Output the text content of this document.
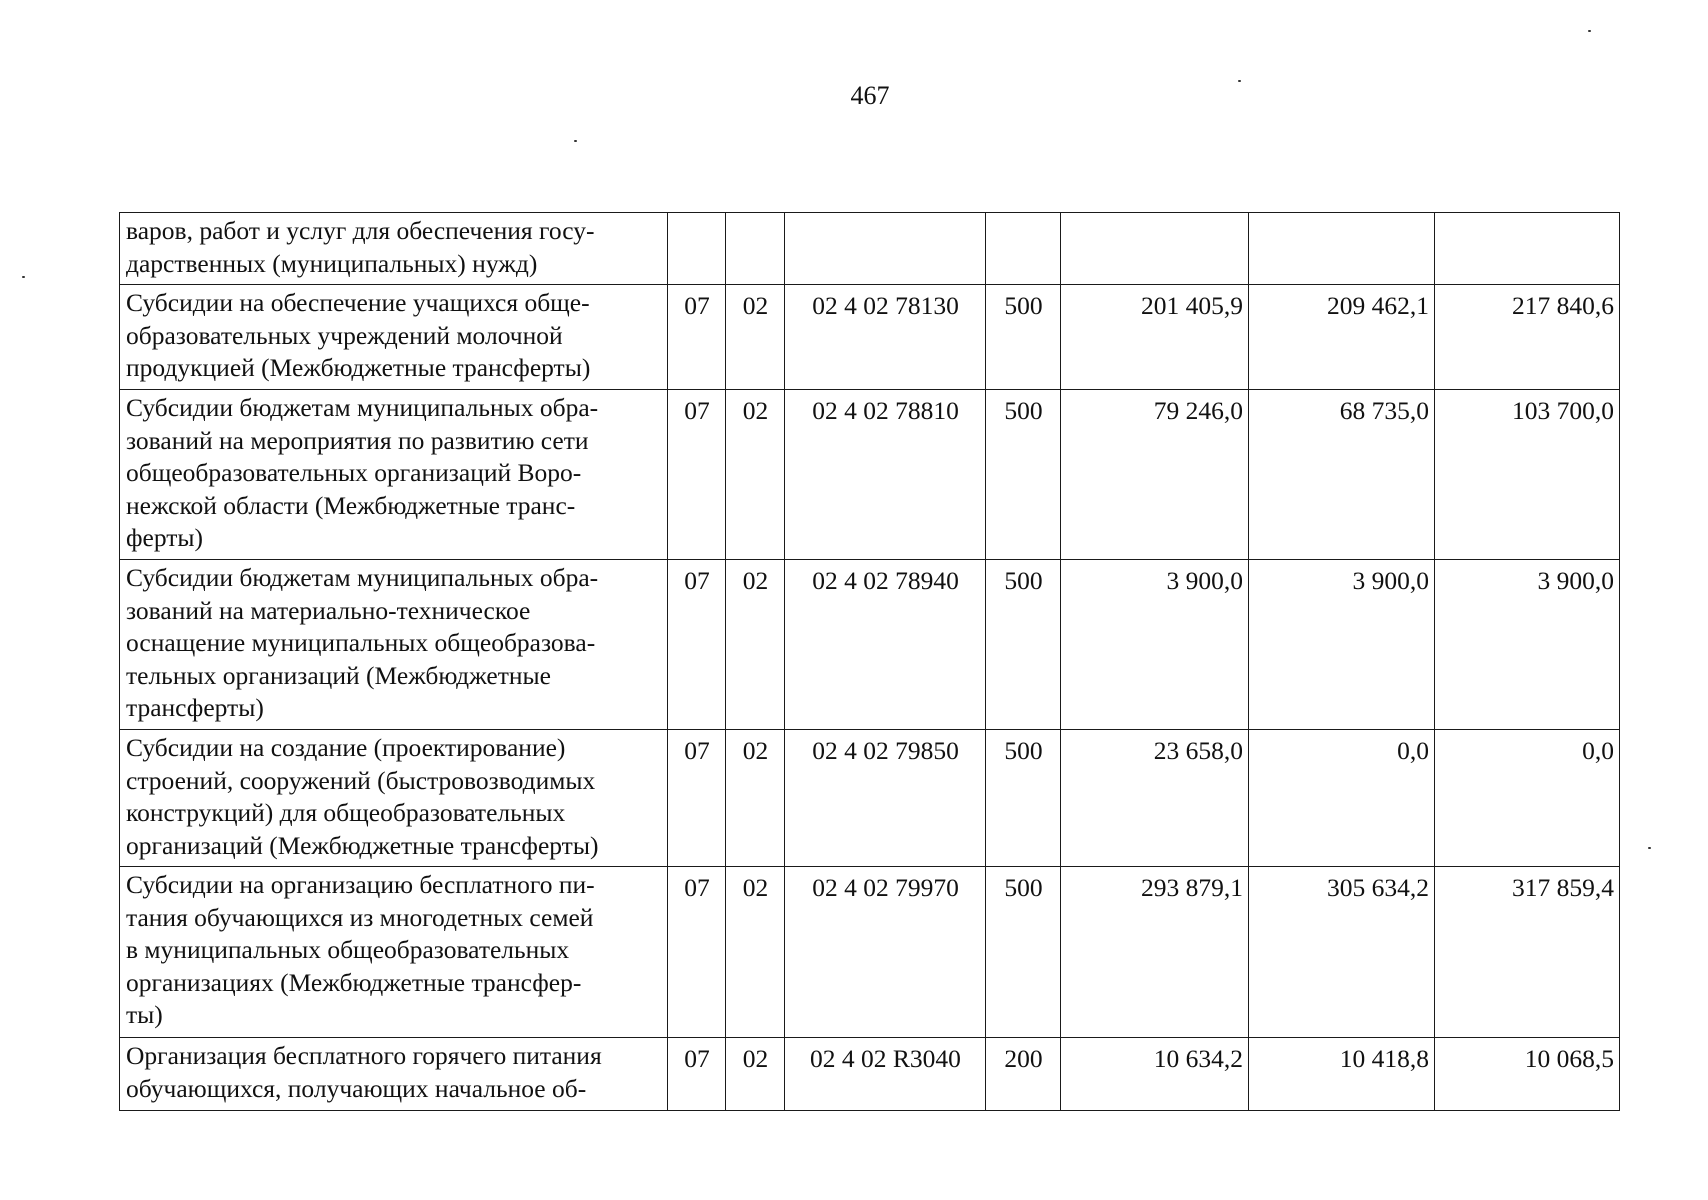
467
варов, работ и услуг для обеспечения госу-
дарственных (муниципальных) нужд)							

Субсидии на обеспечение учащихся обще-
образовательных учреждений молочной
продукцией (Межбюджетные трансферты)	07	02	02 4 02 78130	500	201 405,9	209 462,1	217 840,6

Субсидии бюджетам муниципальных обра-
зований на мероприятия по развитию сети
общеобразовательных организаций Воро-
нежской области (Межбюджетные транс-
ферты)	07	02	02 4 02 78810	500	79 246,0	68 735,0	103 700,0

Субсидии бюджетам муниципальных обра-
зований на материально-техническое
оснащение муниципальных общеобразова-
тельных организаций (Межбюджетные
трансферты)	07	02	02 4 02 78940	500	3 900,0	3 900,0	3 900,0

Субсидии на создание (проектирование)
строений, сооружений (быстровозводимых
конструкций) для общеобразовательных
организаций (Межбюджетные трансферты)	07	02	02 4 02 79850	500	23 658,0	0,0	0,0

Субсидии на организацию бесплатного пи-
тания обучающихся из многодетных семей
в муниципальных общеобразовательных
организациях (Межбюджетные трансфер-
ты)	07	02	02 4 02 79970	500	293 879,1	305 634,2	317 859,4

Организация бесплатного горячего питания
обучающихся, получающих начальное об-	07	02	02 4 02 R3040	200	10 634,2	10 418,8	10 068,5
